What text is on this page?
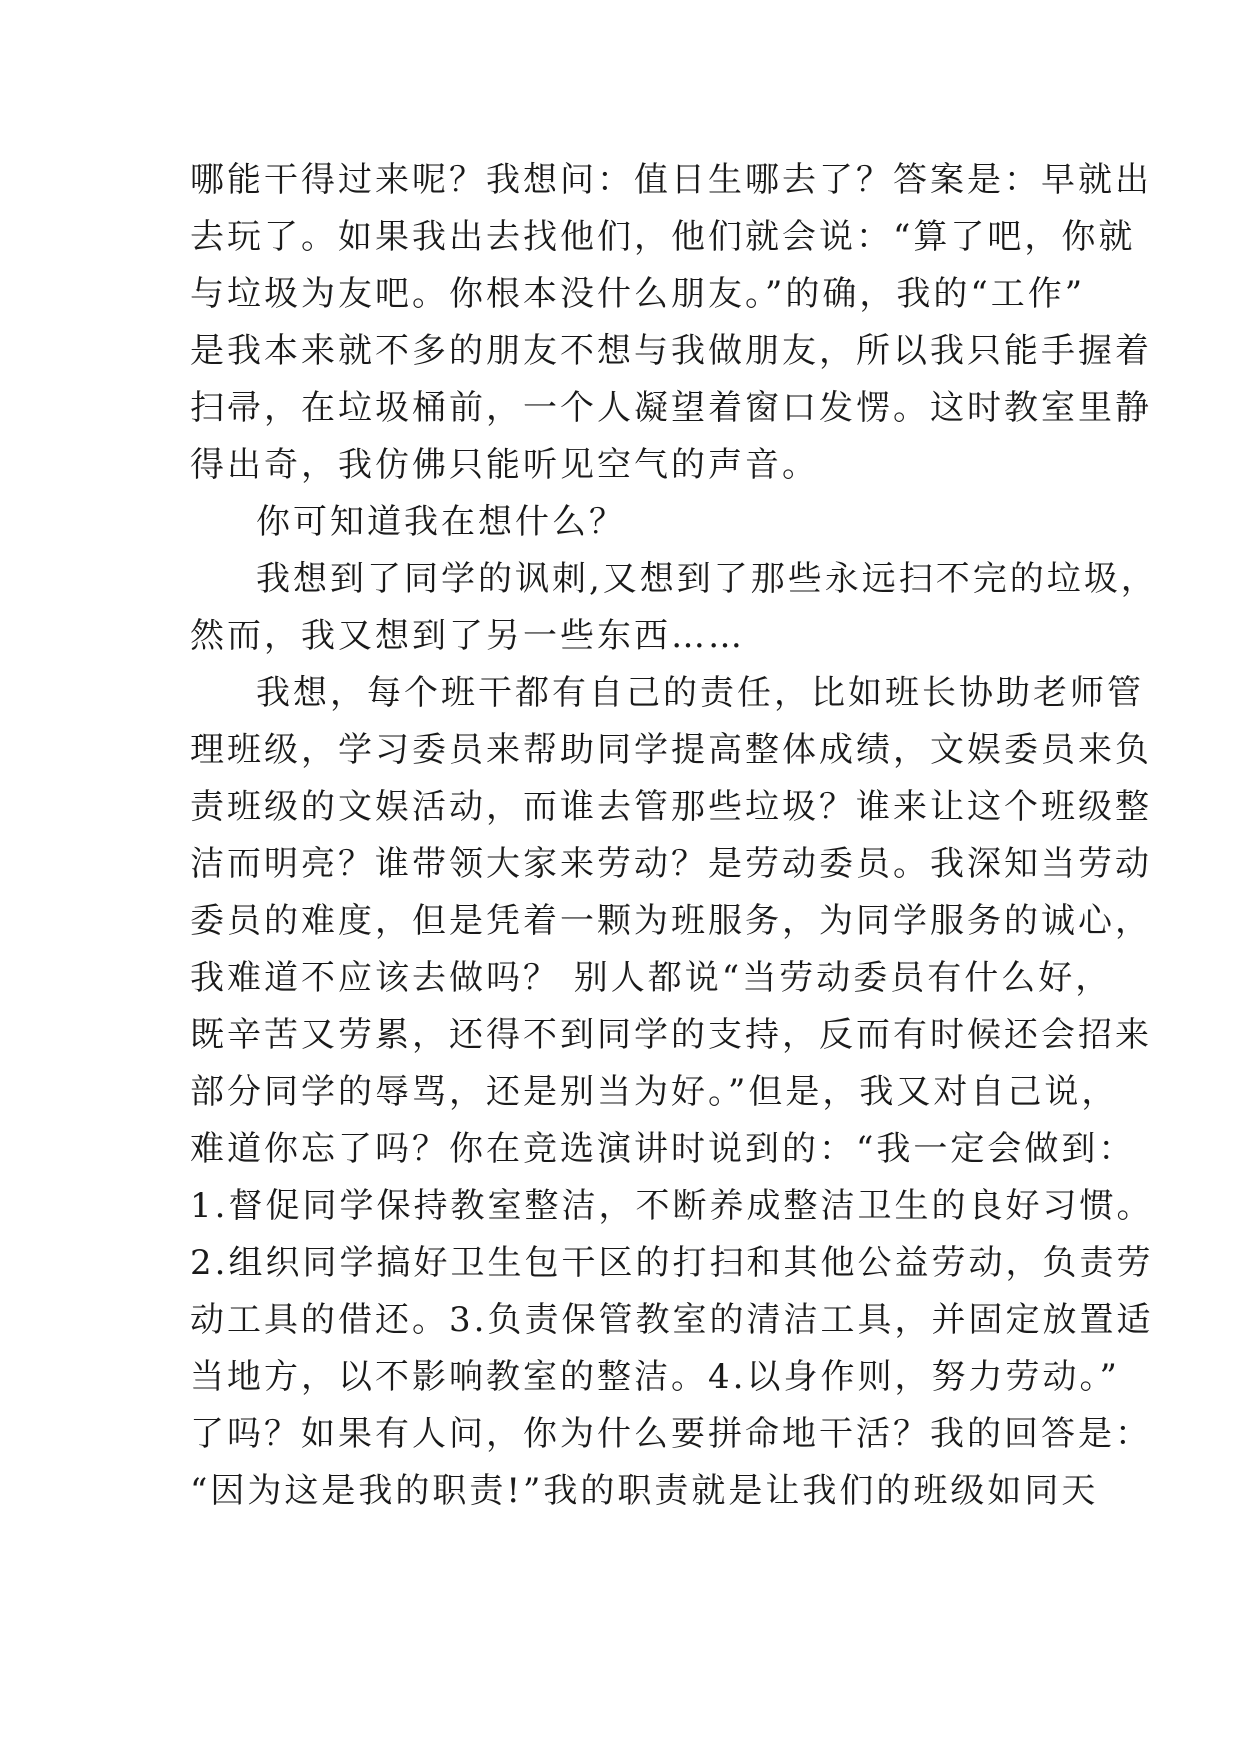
哪能干得过来呢？我想问：值日生哪去了？答案是：早就出
去玩了。如果我出去找他们，他们就会说：“算了吧，你就
与垃圾为友吧。你根本没什么朋友。”的确，我的“工作”
是我本来就不多的朋友不想与我做朋友，所以我只能手握着
扫帚，在垃圾桶前，一个人凝望着窗口发愣。这时教室里静
得出奇，我仿佛只能听见空气的声音。
你可知道我在想什么？
我想到了同学的讽刺,又想到了那些永远扫不完的垃圾，
然而，我又想到了另一些东西……
我想，每个班干都有自己的责任，比如班长协助老师管
理班级，学习委员来帮助同学提高整体成绩，文娱委员来负
责班级的文娱活动，而谁去管那些垃圾？谁来让这个班级整
洁而明亮？谁带领大家来劳动？是劳动委员。我深知当劳动
委员的难度，但是凭着一颗为班服务，为同学服务的诚心，
我难道不应该去做吗？ 别人都说“当劳动委员有什么好，
既辛苦又劳累，还得不到同学的支持，反而有时候还会招来
部分同学的辱骂，还是别当为好。”但是，我又对自己说，
难道你忘了吗？你在竞选演讲时说到的：“我一定会做到：
1.督促同学保持教室整洁，不断养成整洁卫生的良好习惯。
2.组织同学搞好卫生包干区的打扫和其他公益劳动，负责劳
动工具的借还。3.负责保管教室的清洁工具，并固定放置适
当地方，以不影响教室的整洁。4.以身作则，努力劳动。”
了吗？如果有人问，你为什么要拼命地干活？我的回答是：
“因为这是我的职责!”我的职责就是让我们的班级如同天
